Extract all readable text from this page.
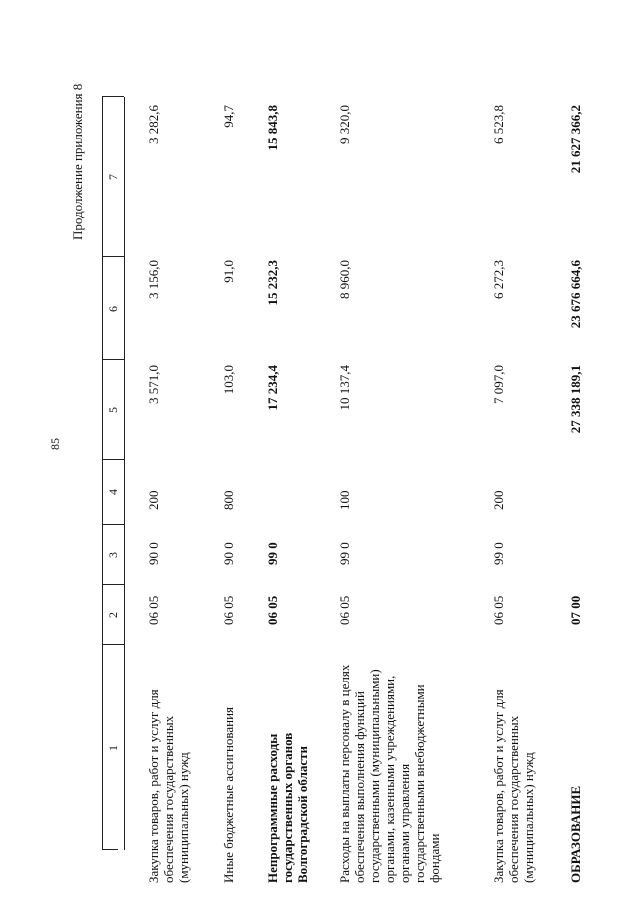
85
Продолжение приложения 8
1
2
3
4
5
6
7
Закупка товаров, работ и услуг для обеспечения государственных (муниципальных) нужд
06 05
90 0
200
3 571,0
3 156,0
3 282,6
Иные бюджетные ассигнования
06 05
90 0
800
103,0
91,0
94,7
Непрограммные расходы государственных органов Волгоградской области
06 05
99 0
17 234,4
15 232,3
15 843,8
Расходы на выплаты персоналу в целях обеспечения выполнения функций государственными (муниципальными) органами, казенными учреждениями, органами управления государственными внебюджетными фондами
06 05
99 0
100
10 137,4
8 960,0
9 320,0
Закупка товаров, работ и услуг для обеспечения государственных (муниципальных) нужд
06 05
99 0
200
7 097,0
6 272,3
6 523,8
ОБРАЗОВАНИЕ
07 00
27 338 189,1
23 676 664,6
21 627 366,2
